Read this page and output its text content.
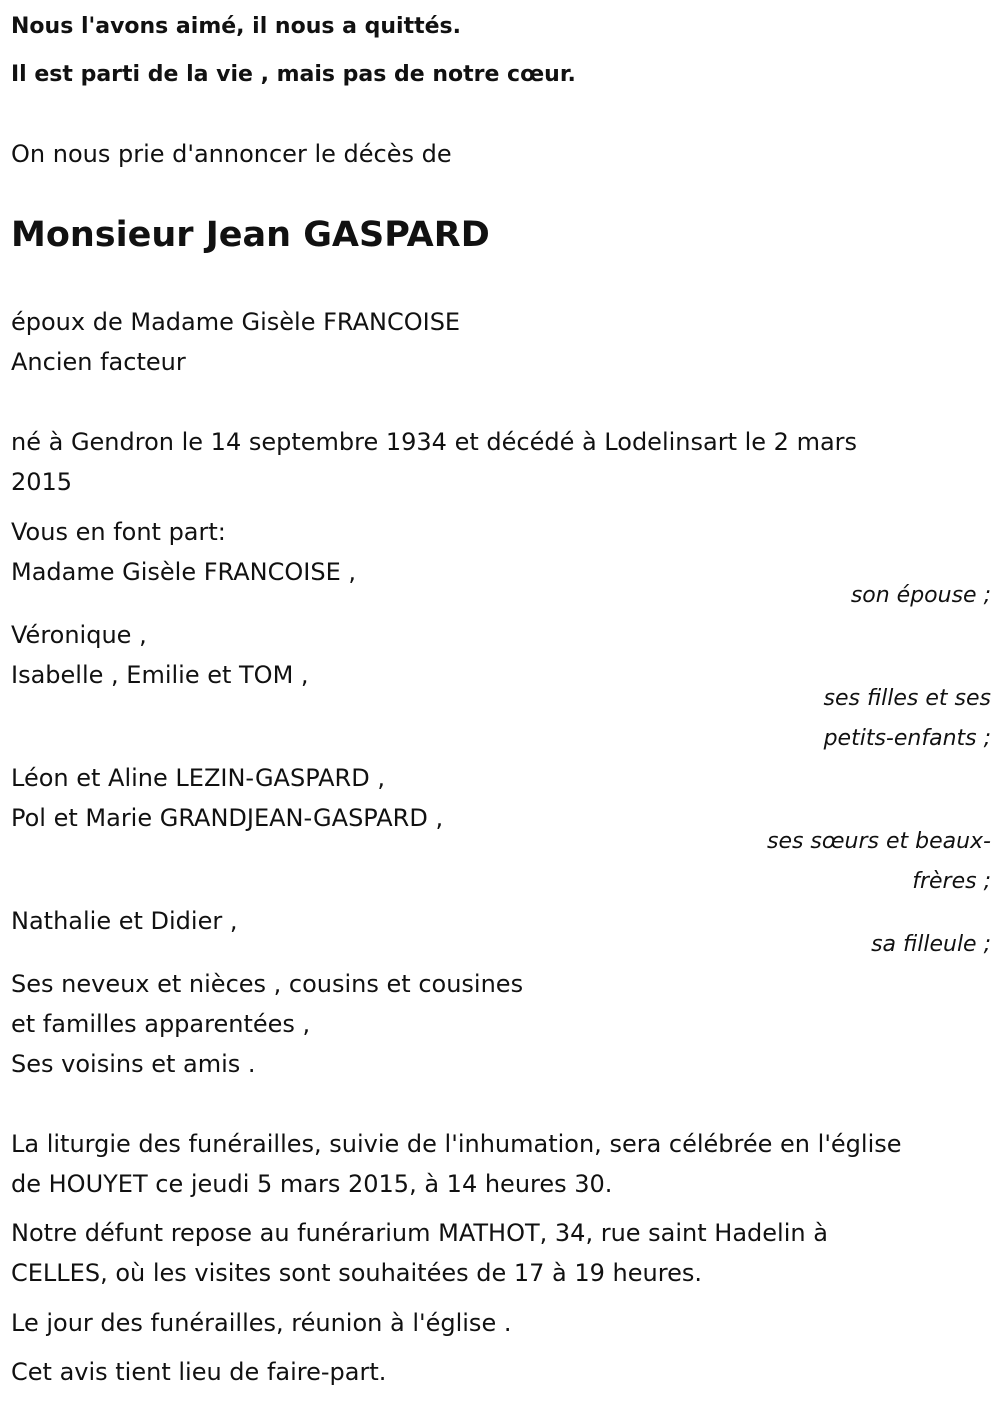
Nous l'avons aimé, il nous a quittés.
Il est parti de la vie , mais pas de notre cœur.
On nous prie d'annoncer le décès de
Monsieur Jean GASPARD
époux de Madame Gisèle FRANCOISE
Ancien facteur
né à Gendron le 14 septembre 1934 et décédé à Lodelinsart le 2 mars
2015
Vous en font part:
Madame Gisèle FRANCOISE ,
son épouse ;
Véronique ,
Isabelle , Emilie et TOM ,
ses filles et ses
petits-enfants ;
Léon et Aline LEZIN-GASPARD ,
Pol et Marie GRANDJEAN-GASPARD ,
ses sœurs et beaux-
frères ;
Nathalie et Didier ,
sa filleule ;
Ses neveux et nièces , cousins et cousines
et familles apparentées ,
Ses voisins et amis .
La liturgie des funérailles, suivie de l'inhumation, sera célébrée en l'église
de HOUYET ce jeudi 5 mars 2015, à 14 heures 30.
Notre défunt repose au funérarium MATHOT, 34, rue saint Hadelin à
CELLES, où les visites sont souhaitées de 17 à 19 heures.
Le jour des funérailles, réunion à l'église .
Cet avis tient lieu de faire-part.
